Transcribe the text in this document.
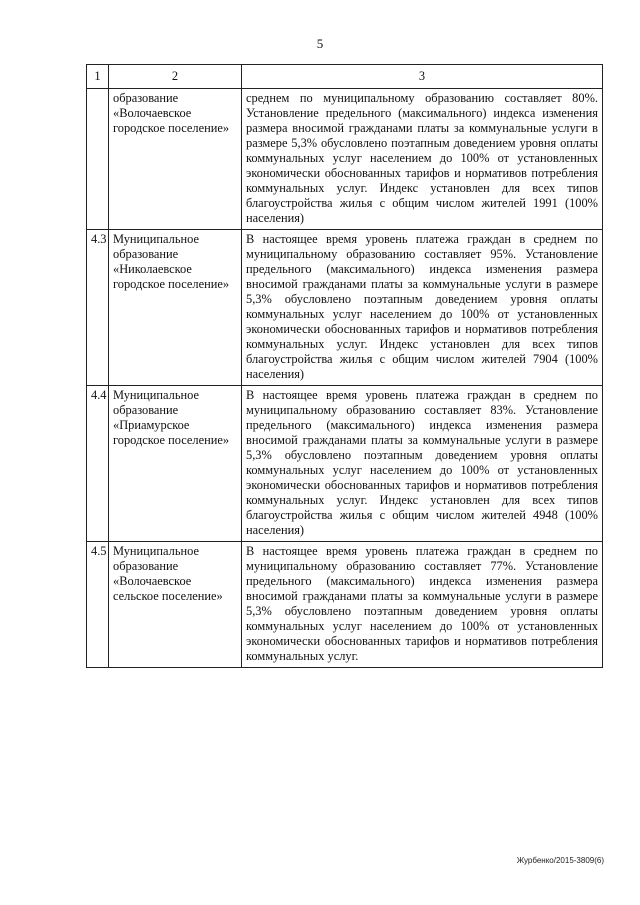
5
1	2	3
	образование «Волочаевское городское поселение»	среднем по муниципальному образованию составляет 80%. Установление предельного (максимального) индекса изменения размера вносимой гражданами платы за коммунальные услуги в размере 5,3% обусловлено поэтапным доведением уровня оплаты коммунальных услуг населением до 100% от установленных экономически обоснованных тарифов и нормативов потребления коммунальных услуг. Индекс установлен для всех типов благоустройства жилья с общим числом жителей 1991 (100% населения)
4.3	Муниципальное образование «Николаевское городское поселение»	В настоящее время уровень платежа граждан в среднем по муниципальному образованию составляет 95%. Установление предельного (максимального) индекса изменения размера вносимой гражданами платы за коммунальные услуги в размере 5,3% обусловлено поэтапным доведением уровня оплаты коммунальных услуг населением до 100% от установленных экономически обоснованных тарифов и нормативов потребления коммунальных услуг. Индекс установлен для всех типов благоустройства жилья с общим числом жителей 7904 (100% населения)
4.4	Муниципальное образование «Приамурское городское поселение»	В настоящее время уровень платежа граждан в среднем по муниципальному образованию составляет 83%. Установление предельного (максимального) индекса изменения размера вносимой гражданами платы за коммунальные услуги в размере 5,3% обусловлено поэтапным доведением уровня оплаты коммунальных услуг населением до 100% от установленных экономически обоснованных тарифов и нормативов потребления коммунальных услуг. Индекс установлен для всех типов благоустройства жилья с общим числом жителей 4948 (100% населения)
4.5	Муниципальное образование «Волочаевское сельское поселение»	В настоящее время уровень платежа граждан в среднем по муниципальному образованию составляет 77%. Установление предельного (максимального) индекса изменения размера вносимой гражданами платы за коммунальные услуги в размере 5,3% обусловлено поэтапным доведением уровня оплаты коммунальных услуг населением до 100% от установленных экономически обоснованных тарифов и нормативов потребления коммунальных услуг.
Журбенко/2015-3809(6)
